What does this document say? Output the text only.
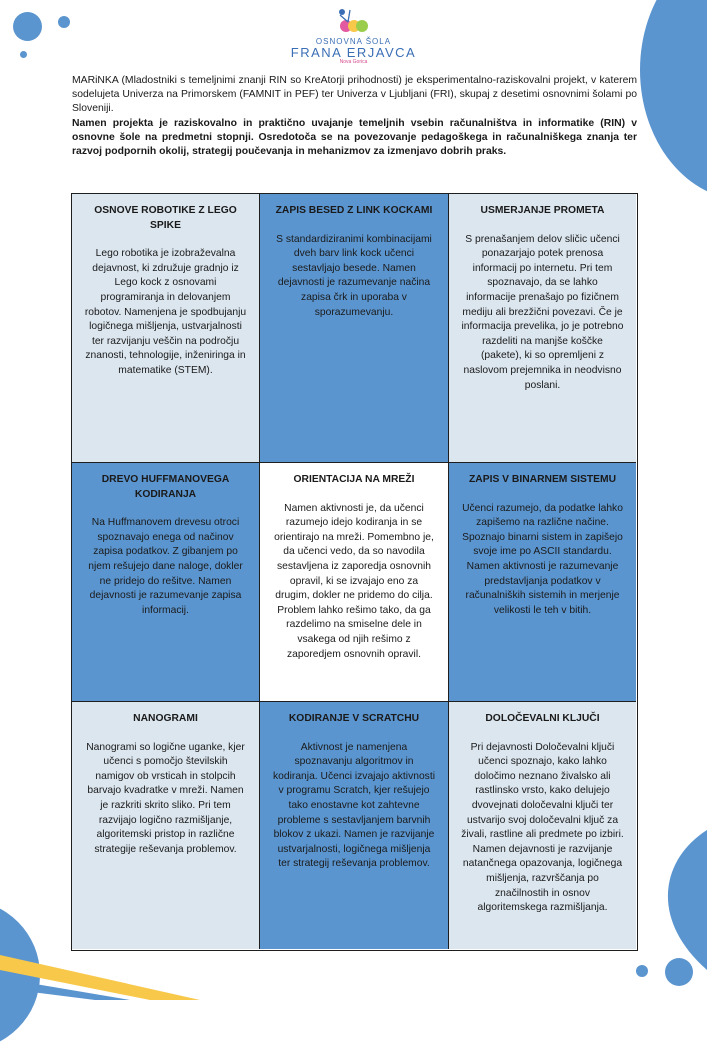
OSNOVNA ŠOLA
FRANA ERJAVCA
Nova Gorica

MARiNKA (Mladostniki s temeljnimi znanji RIN so KreAtorji prihodnosti) je eksperimentalno-raziskovalni projekt, v katerem sodelujeta Univerza na Primorskem (FAMNIT in PEF) ter Univerza v Ljubljani (FRI), skupaj z desetimi osnovnimi šolami po Sloveniji.

Namen projekta je raziskovalno in praktično uvajanje temeljnih vsebin računalništva in informatike (RIN) v osnovne šole na predmetni stopnji. Osredotoča se na povezovanje pedagoškega in računalniškega znanja ter razvoj podpornih okolij, strategij poučevanja in mehanizmov za izmenjavo dobrih praks.

OSNOVE ROBOTIKE Z LEGO SPIKE

Lego robotika je izobraževalna dejavnost, ki združuje gradnjo iz Lego kock z osnovami programiranja in delovanjem robotov. Namenjena je spodbujanju logičnega mišljenja, ustvarjalnosti ter razvijanju veščin na področju znanosti, tehnologije, inženiringa in matematike (STEM).

ZAPIS BESED Z LINK KOCKAMI

S standardiziranimi kombinacijami dveh barv link kock učenci sestavljajo besede. Namen dejavnosti je razumevanje načina zapisa črk in uporaba v sporazumevanju.

USMERJANJE PROMETA

S prenašanjem delov sličic učenci ponazarjajo potek prenosa informacij po internetu. Pri tem spoznavajo, da se lahko informacije prenašajo po fizičnem mediju ali brezžični povezavi. Če je informacija prevelika, jo je potrebno razdeliti na manjše koščke (pakete), ki so opremljeni z naslovom prejemnika in neodvisno poslani.

DREVO HUFFMANOVEGA KODIRANJA

Na Huffmanovem drevesu otroci spoznavajo enega od načinov zapisa podatkov. Z gibanjem po njem rešujejo dane naloge, dokler ne pridejo do rešitve. Namen dejavnosti je razumevanje zapisa informacij.

ORIENTACIJA NA MREŽI

Namen aktivnosti je, da učenci razumejo idejo kodiranja in se orientirajo na mreži. Pomembno je, da učenci vedo, da so navodila sestavljena iz zaporedja osnovnih opravil, ki se izvajajo eno za drugim, dokler ne pridemo do cilja. Problem lahko rešimo tako, da ga razdelimo na smiselne dele in vsakega od njih rešimo z zaporedjem osnovnih opravil.

ZAPIS V BINARNEM SISTEMU

Učenci razumejo, da podatke lahko zapišemo na različne načine. Spoznajo binarni sistem in zapišejo svoje ime po ASCII standardu. Namen aktivnosti je razumevanje predstavljanja podatkov v računalniških sistemih in merjenje velikosti le teh v bitih.

NANOGRAMI

Nanogrami so logične uganke, kjer učenci s pomočjo številskih namigov ob vrsticah in stolpcih barvajo kvadratke v mreži. Namen je razkriti skrito sliko. Pri tem razvijajo logično razmišljanje, algoritemski pristop in različne strategije reševanja problemov.

KODIRANJE V SCRATCHU

Aktivnost je namenjena spoznavanju algoritmov in kodiranja. Učenci izvajajo aktivnosti v programu Scratch, kjer rešujejo tako enostavne kot zahtevne probleme s sestavljanjem barvnih blokov z ukazi. Namen je razvijanje ustvarjalnosti, logičnega mišljenja ter strategij reševanja problemov.

DOLOČEVALNI KLJUČI

Pri dejavnosti Določevalni ključi učenci spoznajo, kako lahko določimo neznano živalsko ali rastlinsko vrsto, kako delujejo dvovejnati določevalni ključi ter ustvarijo svoj določevalni ključ za živali, rastline ali predmete po izbiri. Namen dejavnosti je razvijanje natančnega opazovanja, logičnega mišljenja, razvrščanja po značilnostih in osnov algoritemskega razmišljanja.
